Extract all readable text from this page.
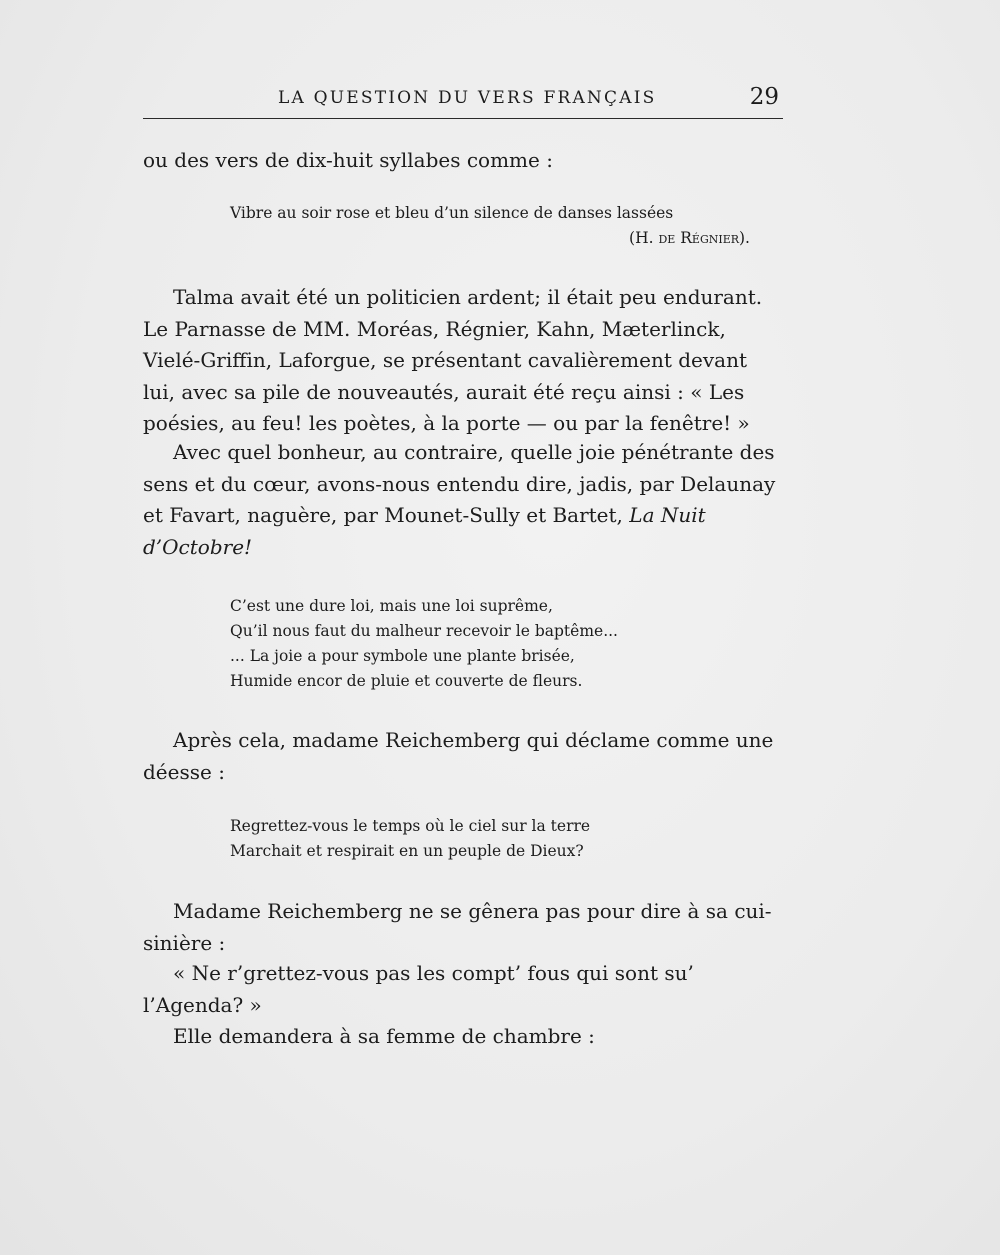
LA QUESTION DU VERS FRANÇAIS	29

ou des vers de dix-huit syllabes comme :

Vibre au soir rose et bleu d’un silence de danses lassées
(H. de Régnier).

Talma avait été un politicien ardent; il était peu endurant.
Le Parnasse de MM. Moréas, Régnier, Kahn, Mæterlinck,
Vielé-Griffin, Laforgue, se présentant cavalièrement devant
lui, avec sa pile de nouveautés, aurait été reçu ainsi : « Les
poésies, au feu! les poètes, à la porte — ou par la fenêtre! »

Avec quel bonheur, au contraire, quelle joie pénétrante des
sens et du cœur, avons-nous entendu dire, jadis, par Delaunay
et Favart, naguère, par Mounet-Sully et Bartet, La Nuit
d’Octobre!

C’est une dure loi, mais une loi suprême,
Qu’il nous faut du malheur recevoir le baptême...
... La joie a pour symbole une plante brisée,
Humide encor de pluie et couverte de fleurs.

Après cela, madame Reichemberg qui déclame comme une
déesse :

Regrettez-vous le temps où le ciel sur la terre
Marchait et respirait en un peuple de Dieux?

Madame Reichemberg ne se gênera pas pour dire à sa cui-
sinière :

« Ne r’grettez-vous pas les compt’ fous qui sont su’
l’Agenda? »

Elle demandera à sa femme de chambre :
